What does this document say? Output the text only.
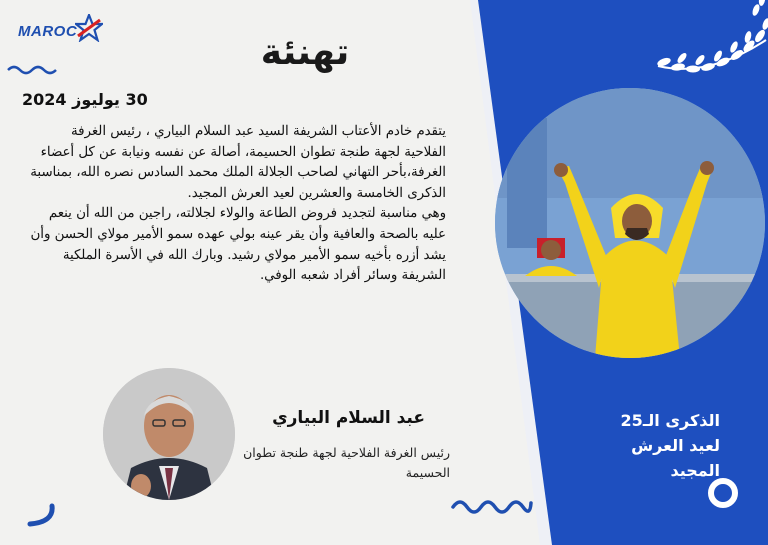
MAROC
تهنئة
30 يوليوز 2024

يتقدم خادم الأعتاب الشريفة السيد عبد السلام البياري ، رئيس الغرفة الفلاحية لجهة طنجة تطوان الحسيمة، أصالة عن نفسه ونيابة عن كل أعضاء الغرفة،بأحر التهاني لصاحب الجلالة الملك محمد السادس نصره الله، بمناسبة الذكرى الخامسة والعشرين لعيد العرش المجيد.

وهي مناسبة لتجديد فروض الطاعة والولاء لجلالته، راجين من الله أن ينعم عليه بالصحة والعافية وأن يقر عينه بولي عهده سمو الأمير مولاي الحسن وأن يشد أزره بأخيه سمو الأمير مولاي رشيد. وبارك الله في الأسرة الملكية الشريفة وسائر أفراد شعبه الوفي.

عبد السلام البياري
رئيس الغرفة الفلاحية لجهة طنجة تطوان الحسيمة
الذكرى الـ25
لعيد العرش
المجيد
